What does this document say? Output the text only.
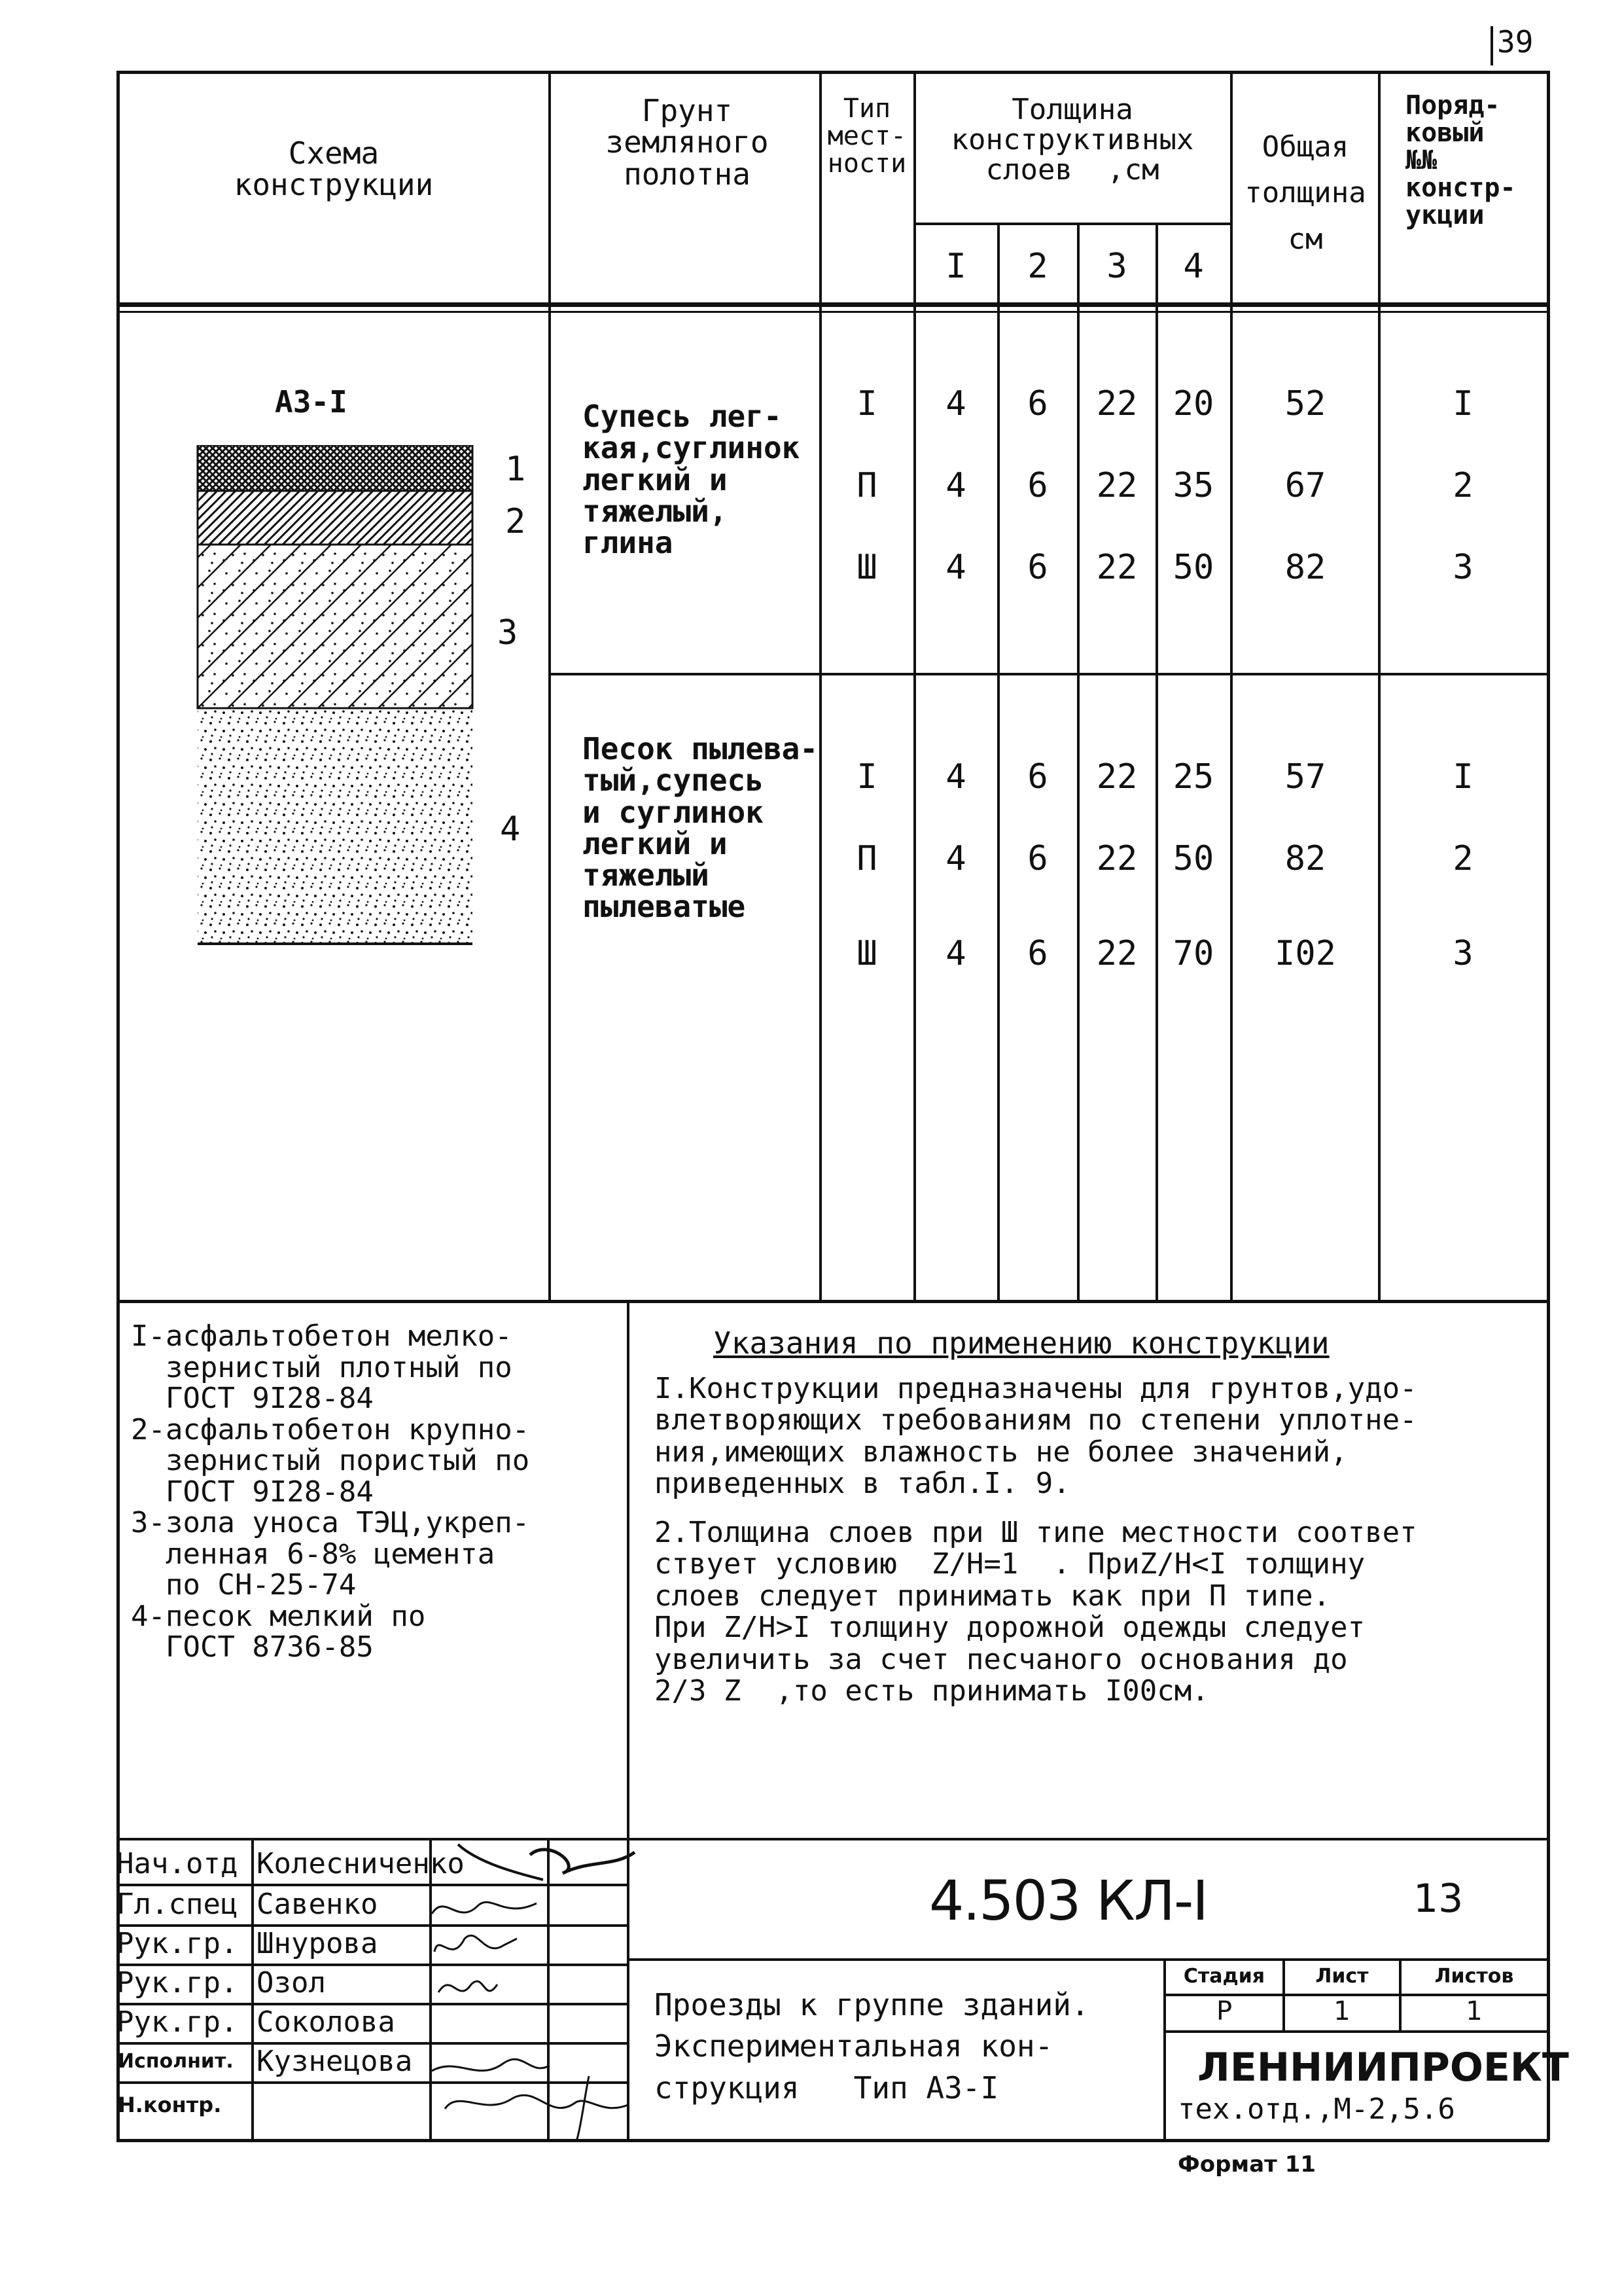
39
Схема
конструкции
Грунт
земляного
полотна
Тип
мест-
ности
Толщина
конструктивных
слоев  ,см
I	2	3	4
Общая
толщина
см
Поряд-
ковый
№№
констр-
укции
АЗ-I
1
2
3
4
Супесь лег-
кая,суглинок
легкий и
тяжелый,
глина
I	4	6	22	20	52	I
П	4	6	22	35	67	2
Ш	4	6	22	50	82	3
Песок пылева-
тый,супесь
и суглинок
легкий и
тяжелый
пылеватые
I	4	6	22	25	57	I
П	4	6	22	50	82	2
Ш	4	6	22	70	I02	3
I-асфальтобетон мелко-
зернистый плотный по
ГОСТ 9I28-84
2-асфальтобетон крупно-
зернистый пористый по
ГОСТ 9I28-84
3-зола уноса ТЭЦ,укреп-
ленная 6-8% цемента
по СН-25-74
4-песок мелкий по
ГОСТ 8736-85
Указания по применению конструкции
I.Конструкции предназначены для грунтов,удо-
влетворяющих требованиям по степени уплотне-
ния,имеющих влажность не более значений,
приведенных в табл.I. 9.
2.Толщина слоев при Ш типе местности соответ
ствует условию  Z/H=1  . ПриZ/H<I толщину
слоев следует принимать как при П типе.
При Z/H>I толщину дорожной одежды следует
увеличить за счет песчаного основания до
2/3 Z  ,то есть принимать I00см.
Нач.отд Колесниченко
Гл.спец Савенко
Рук.гр. Шнурова
Рук.гр. Озол
Рук.гр. Соколова
Исполнит. Кузнецова
Н.контр.
4.503 КЛ-I	13
Проезды к группе зданий.
Экспериментальная кон-
струкция   Тип АЗ-I
Стадия	Лист	Листов
Р	1	1
ЛЕННИИПРОЕКТ
тех.отд.,М-2,5.6
Формат 11
